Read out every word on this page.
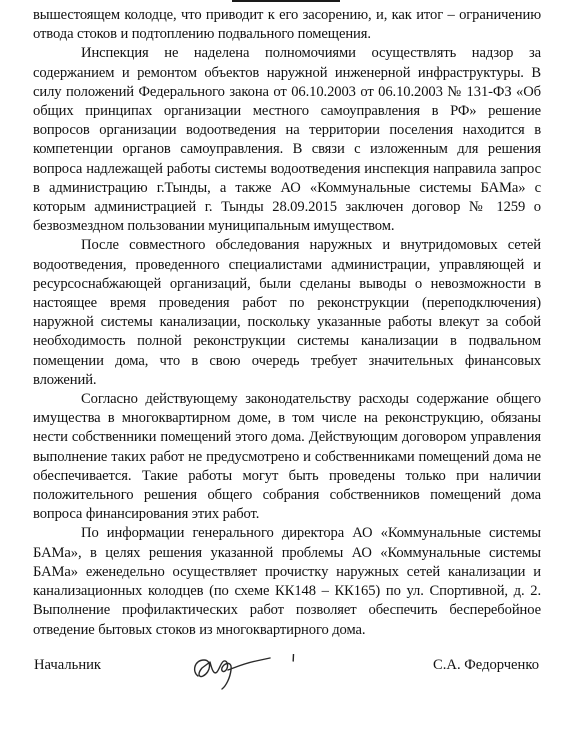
вышестоящем колодце, что приводит к его засорению, и, как итог – ограничению отвода стоков и подтоплению подвального помещения.

Инспекция не наделена полномочиями осуществлять надзор за содержанием и ремонтом объектов наружной инженерной инфраструктуры. В силу положений Федерального закона от 06.10.2003 от 06.10.2003 № 131-ФЗ «Об общих принципах организации местного самоуправления в РФ» решение вопросов организации водоотведения на территории поселения находится в компетенции органов самоуправления. В связи с изложенным для решения вопроса надлежащей работы системы водоотведения инспекция направила запрос в администрацию г.Тынды, а также АО «Коммунальные системы БАМа» с которым администрацией г. Тынды 28.09.2015 заключен договор № 1259 о безвозмездном пользовании муниципальным имуществом.

После совместного обследования наружных и внутридомовых сетей водоотведения, проведенного специалистами администрации, управляющей и ресурсоснабжающей организаций, были сделаны выводы о невозможности в настоящее время проведения работ по реконструкции (переподключения) наружной системы канализации, поскольку указанные работы влекут за собой необходимость полной реконструкции системы канализации в подвальном помещении дома, что в свою очередь требует значительных финансовых вложений.

Согласно действующему законодательству расходы содержание общего имущества в многоквартирном доме, в том числе на реконструкцию, обязаны нести собственники помещений этого дома. Действующим договором управления выполнение таких работ не предусмотрено и собственниками помещений дома не обеспечивается. Такие работы могут быть проведены только при наличии положительного решения общего собрания собственников помещений дома вопроса финансирования этих работ.

По информации генерального директора АО «Коммунальные системы БАМа», в целях решения указанной проблемы АО «Коммунальные системы БАМа» еженедельно осуществляет прочистку наружных сетей канализации и канализационных колодцев (по схеме КК148 – КК165) по ул. Спортивной, д. 2. Выполнение профилактических работ позволяет обеспечить бесперебойное отведение бытовых стоков из многоквартирного дома.

Начальник	С.А. Федорченко
